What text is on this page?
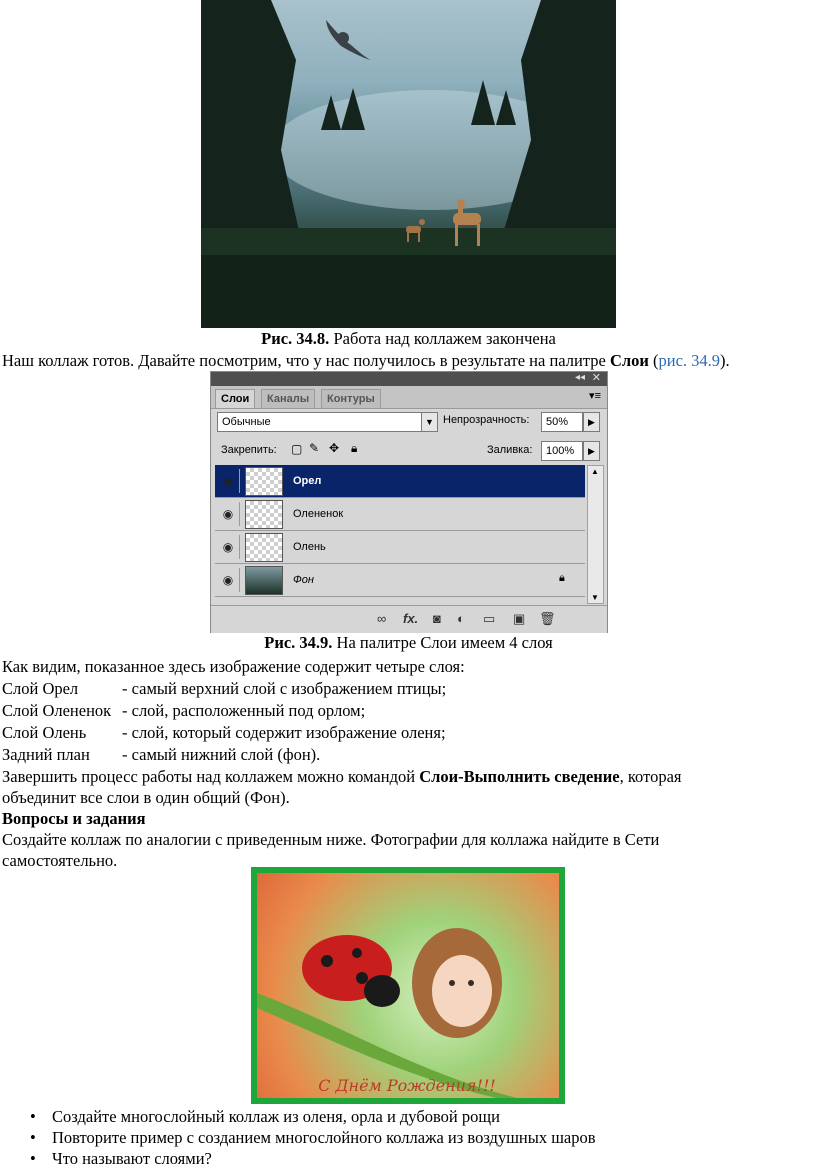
Рис. 34.8. Работа над коллажем закончена
Наш коллаж готов. Давайте посмотрим, что у нас получилось в результате на палитре Слои (рис. 34.9).
◂◂ ✕
Слои	Каналы	Контуры	▾≡
Обычные	▼ Непрозрачность:	50%	▶
Закрепить: ▢ ✎ ✥ 🔒︎	Заливка:	100%	▶
◉	Орел
◉	Олененок
◉	Олень
◉	Фон	🔒︎
▲
▼
∞ fx. ◙ ◐ ▭ ▣ 🗑︎
Рис. 34.9. На палитре Слои имеем 4 слоя
Как видим, показанное здесь изображение содержит четыре слоя:
Слой Орел	- самый верхний слой с изображением птицы;
Слой Олененок - слой, расположенный под орлом;
Слой Олень - слой, который содержит изображение оленя;
Задний план - самый нижний слой (фон).
Завершить процесс работы над коллажем можно командой Слои-Выполнить сведение, которая
объединит все слои в один общий (Фон).
Вопросы и задания
Создайте коллаж по аналогии с приведенным ниже. Фотографии для коллажа найдите в Сети
самостоятельно.
С Днём Рождения!!!
• Создайте многослойный коллаж из оленя, орла и дубовой рощи
• Повторите пример с созданием многослойного коллажа из воздушных шаров
• Что называют слоями?
